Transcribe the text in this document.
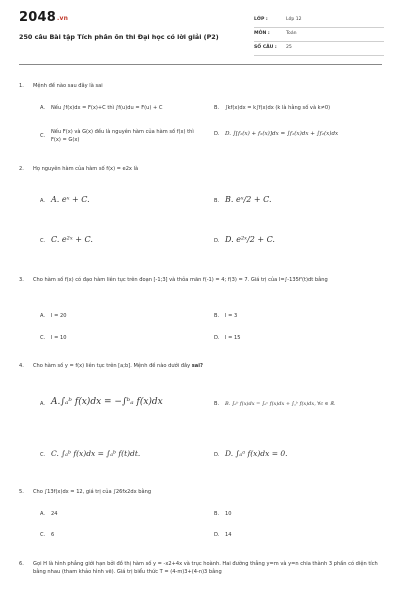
2048.vn
250 câu Bài tập Tích phân ôn thi Đại học có lời giải (P2)
LỚP :	Lớp 12
MÔN :	Toán
SỐ CÂU : 25
1. Mệnh đề nào sau đây là sai
A. Nếu ∫f(x)dx = F(x)+C thì ∫f(u)du = F(u) + C	B. ∫kf(x)dx = k∫f(x)dx (k là hằng số và k≠0)
C.
Nếu F(x) và G(x) đều là nguyên hàm của hàm số f(x) thì F(x) = G(x)
D. D. ∫[f₁(x) + f₂(x)]dx = ∫f₁(x)dx + ∫f₂(x)dx
2. Họ nguyên hàm của hàm số f(x) = e2x là
A. A. eˣ + C.	B. B. eˣ/2 + C.
C. C. e²ˣ + C.	D. D. e²ˣ/2 + C.
3. Cho hàm số f(x) có đạo hàm liên tục trên đoạn [-1;3] và thỏa mãn f(-1) = 4; f(3) = 7. Giá trị của I=∫-135f'(t)dt bằng
A. I = 20	B. I = 3
C. I = 10	D. I = 15
4. Cho hàm số y = f(x) liên tục trên [a;b]. Mệnh đề nào dưới đây sai?
A. A.∫ₐᵇ f(x)dx = −∫ᵇₐ f(x)dx	B. B. ∫ₐᵇ f(x)dx = ∫ₐᶜ f(x)dx + ∫꜀ᵇ f(x)dx, ∀c ∈ ℝ.
C. C. ∫ₐᵇ f(x)dx = ∫ₐᵇ f(t)dt.	D. D. ∫ₐᵃ f(x)dx = 0.
5. Cho ∫13f(x)dx = 12, giá trị của ∫26fx2dx bằng
A. 24	B. 10
C. 6	D. 14
6. Gọi H là hình phẳng giới hạn bởi đồ thị hàm số y = -x2+4x và trục hoành. Hai đường thẳng y=m và y=n chia thành 3 phần có diện tích bằng nhau (tham khảo hình vẽ). Giá trị biểu thức T = (4-m)3+(4-n)3 bằng
